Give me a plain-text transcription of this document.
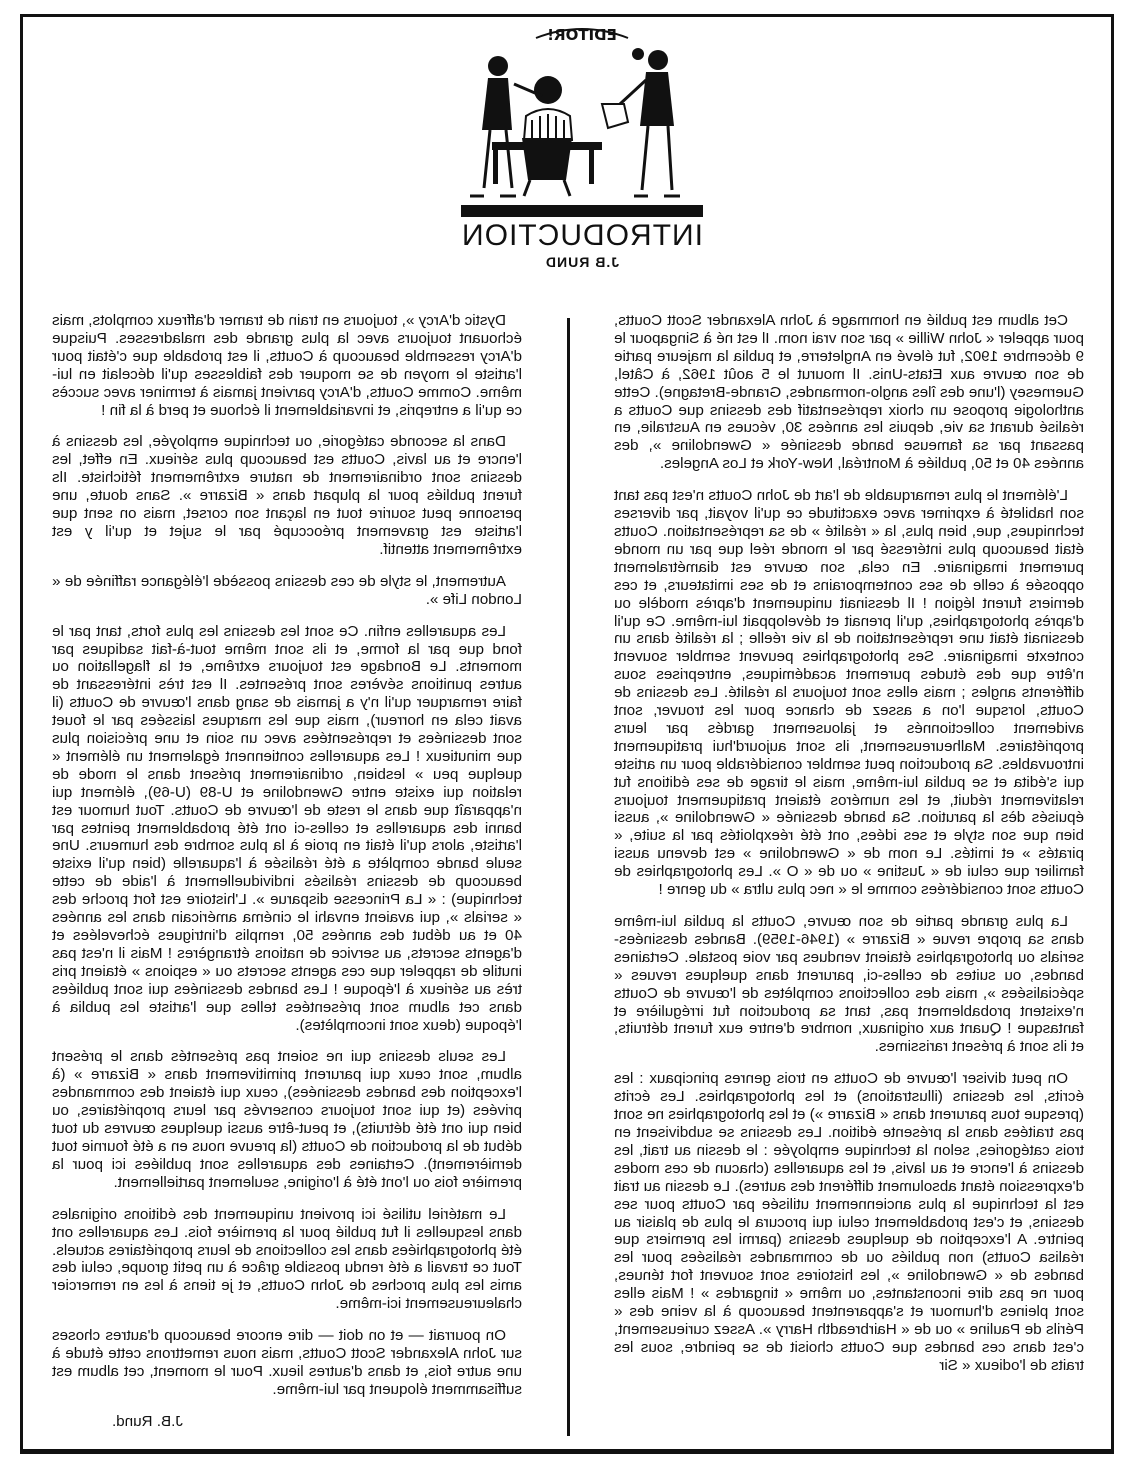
EDITOR!
INTRODUCTION
J.B RUND

Cet album est publié en hommage à John Alexander Scott Coutts, pour appeler « John Willie » par son vrai nom. Il est né à Singapour le 9 décembre 1902, fut élevé en Angleterre, et publia la majeure partie de son œuvre aux Etats-Unis. Il mourut le 5 août 1962, à Câtel, Guernesey (l'une des îles anglo-normandes, Grande-Bretagne). Cette anthologie propose un choix représentatif des dessins que Coutts a réalisé durant sa vie, depuis les années 30, vécues en Australie, en passant par sa fameuse bande dessinée « Gwendoline », des années 40 et 50, publiée à Montréal, New-York et Los Angeles.

L'élément le plus remarquable de l'art de John Coutts n'est pas tant son habileté à exprimer avec exactitude ce qu'il voyait, par diverses techniques, que, bien plus, la « réalité » de sa représentation. Coutts était beaucoup plus intéressé par le monde réel que par un monde purement imaginaire. En cela, son œuvre est diamétralement opposée à celle de ses contemporains et de ses imitateurs, et ces derniers furent légion ! Il dessinait uniquement d'après modèle ou d'après photographies, qu'il prenait et développait lui-même. Ce qu'il dessinait était une représentation de la vie réelle ; la réalité dans un contexte imaginaire. Ses photographies peuvent sembler souvent n'être que des études purement académiques, entreprises sous différents angles ; mais elles sont toujours la réalité. Les dessins de Coutts, lorsque l'on a assez de chance pour les trouver, sont avidement collectionnés et jalousement gardés par leurs propriétaires. Malheureusement, ils sont aujourd'hui pratiquement introuvables. Sa production peut sembler considérable pour un artiste qui s'édita et se publia lui-même, mais le tirage de ses éditions fut relativement réduit, et les numéros étaient pratiquement toujours épuisés dès la parution. Sa bande dessinée « Gwendoline », aussi bien que son style et ses idées, ont été réexploités par la suite, « piratés » et imités. Le nom de « Gwendoline » est devenu aussi familier que celui de « Justine » ou de « O ». Les photographies de Coutts sont considérées comme le « nec plus ultra » du genre !

La plus grande partie de son œuvre, Coutts la publia lui-même dans sa propre revue « Bizarre » (1946-1959). Bandes dessinées-serials ou photographies étaient vendues par voie postale. Certaines bandes, ou suites de celles-ci, parurent dans quelques revues « spécialisées », mais des collections complètes de l'œuvre de Coutts n'existent probablement pas, tant sa production fut irrégulière et fantasque ! Quant aux originaux, nombre d'entre eux furent détruits, et ils sont à présent rarissimes.

On peut diviser l'œuvre de Coutts en trois genres principaux : les écrits, les dessins (illustrations) et les photographies. Les écrits (presque tous parurent dans « Bizarre ») et les photographies ne sont pas traitées dans la présente édition. Les dessins se subdivisent en trois catégories, selon la technique employée : le dessin au trait, les dessins à l'encre et au lavis, et les aquarelles (chacun de ces modes d'expression étant absolument différent des autres). Le dessin au trait est la technique la plus anciennement utilisée par Coutts pour ses dessins, et c'est probablement celui qui procura le plus de plaisir au peintre. A l'exception de quelques dessins (parmi les premiers que réalisa Coutts) non publiés ou de commandes réalisées pour les bandes de « Gwendoline », les histoires sont souvent fort ténues, pour ne pas dire inconstantes, ou même « tingardes » ! Mais elles sont pleines d'humour et s'apparentent beaucoup à la veine des « Périls de Pauline » ou de « Hairbreadth Harry ». Assez curieusement, c'est dans ces bandes que Coutts choisit de se peindre, sous les traits de l'odieux « Sir

Dystic d'Arcy », toujours en train de tramer d'affreux complots, mais échouant toujours avec la plus grande des maladresses. Puisque d'Arcy ressemble beaucoup à Coutts, il est probable que c'était pour l'artiste le moyen de se moquer des faiblesses qu'il décelait en lui-même. Comme Coutts, d'Arcy parvient jamais à terminer avec succès ce qu'il a entrepris, et invariablement il échoue et perd à la fin !

Dans la seconde catégorie, ou technique employée, les dessins à l'encre et au lavis, Coutts est beaucoup plus sérieux. En effet, les dessins sont ordinairement de nature extrêmement fétichiste. Ils furent publiés pour la plupart dans « Bizarre ». Sans doute, une personne peut sourire tout en laçant son corset, mais on sent que l'artiste est gravement préoccupé par le sujet et qu'il y est extrêmement attentif.

Autrement, le style de ces dessins possède l'élégance raffinée de « London Life ».

Les aquarelles enfin. Ce sont les dessins les plus forts, tant par le fond que par la forme, et ils sont même tout-à-fait sadiques par moments. Le Bondage est toujours extrême, et la flagellation ou autres punitions sévères sont présentes. Il est très intéressant de faire remarquer qu'il n'y a jamais de sang dans l'œuvre de Coutts (il avait cela en horreur), mais que les marques laissées par le fouet sont dessinées et représentées avec un soin et une précision plus que minutieux ! Les aquarelles contiennent également un élément « quelque peu » lesbien, ordinairement présent dans le mode de relation qui existe entre Gwendoline et U-89 (U-69), élément qui n'apparaît que dans le reste de l'œuvre de Coutts. Tout humour est banni des aquarelles et celles-ci ont été probablement peintes par l'artiste, alors qu'il était en proie à la plus sombre des humeurs. Une seule bande complète a été réalisée à l'aquarelle (bien qu'il existe beaucoup de dessins réalisés individuellement à l'aide de cette technique) : « La Princesse disparue ». L'histoire est fort proche des « serials », qui avaient envahi le cinéma américain dans les années 40 et au début des années 50, remplis d'intrigues échevelées et d'agents secrets, au service de nations étrangères ! Mais il n'est pas inutile de rappeler que ces agents secrets ou « espions » étaient pris très au sérieux à l'époque ! Les bandes dessinées qui sont publiées dans cet album sont présentées telles que l'artiste les publia à l'époque (deux sont incomplètes).

Les seuls dessins qui ne soient pas présentés dans le présent album, sont ceux qui parurent primitivement dans « Bizarre » (à l'exception des bandes dessinées), ceux qui étaient des commandes privées (et qui sont toujours conservés par leurs propriétaires, ou bien qui ont été détruits), et peut-être aussi quelques œuvres du tout début de la production de Coutts (la preuve nous en a été fournie tout dernièrement). Certaines des aquarelles sont publiées ici pour la première fois ou l'ont été à l'origine, seulement partiellement.

Le matériel utilisé ici provient uniquement des éditions originales dans lesquelles il fut publié pour la première fois. Les aquarelles ont été photographiées dans les collections de leurs propriétaires actuels. Tout ce travail a été rendu possible grâce à un petit groupe, celui des amis les plus proches de John Coutts, et je tiens à les en remercier chaleureusement ici-même.

On pourrait — et on doit — dire encore beaucoup d'autres choses sur John Alexander Scott Coutts, mais nous remettrons cette étude à une autre fois, et dans d'autres lieux. Pour le moment, cet album est suffisamment éloquent par lui-même.

J.B. Rund.
